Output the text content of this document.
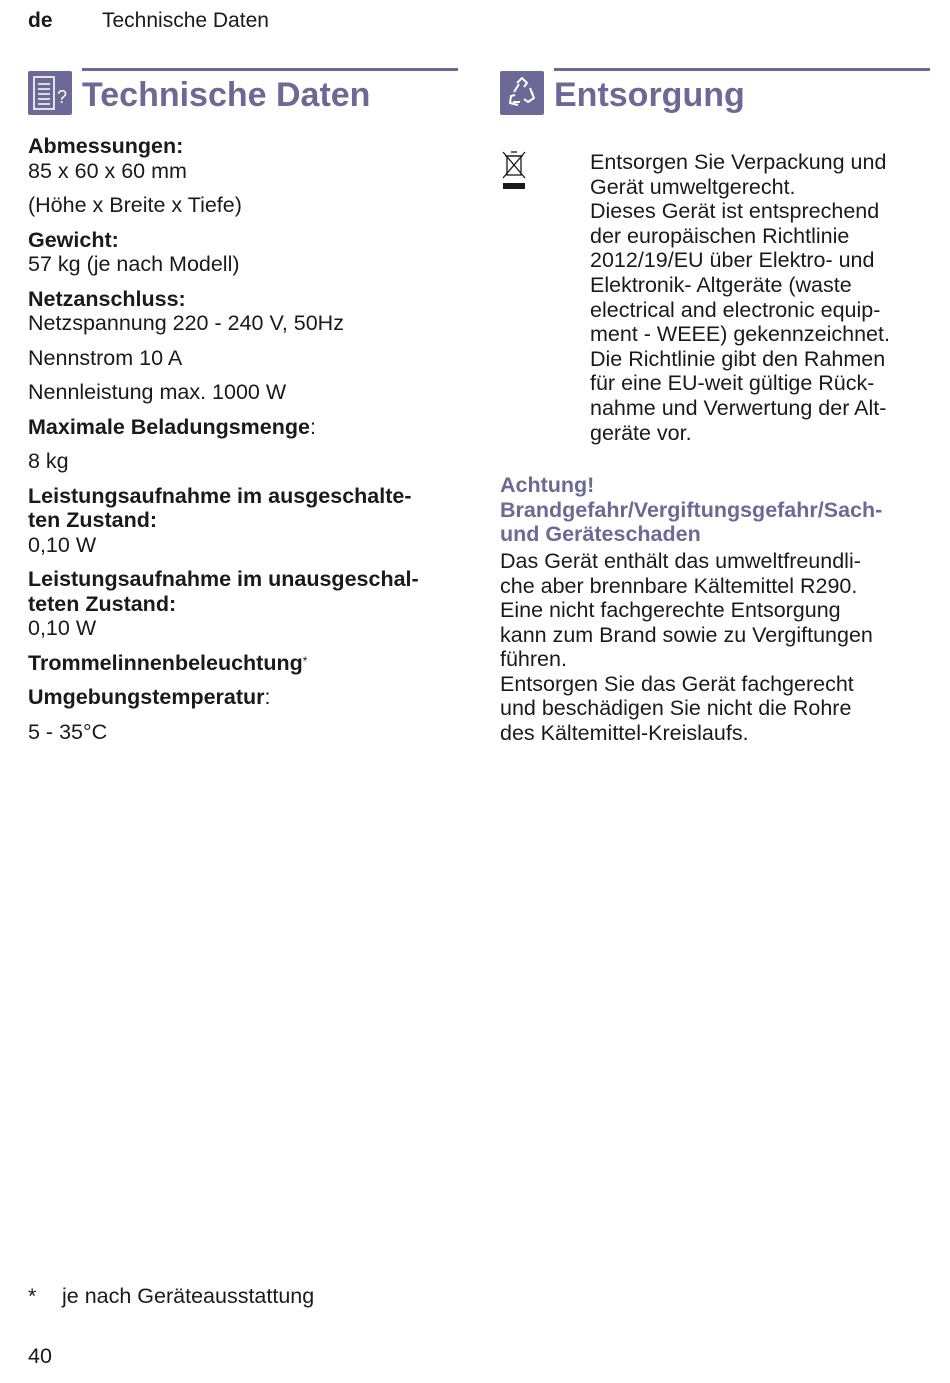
de Technische Daten
? Technische Daten
Abmessungen:
85 x 60 x 60 mm
(Höhe x Breite x Tiefe)
Gewicht:
57 kg (je nach Modell)
Netzanschluss:
Netzspannung 220 - 240 V, 50Hz
Nennstrom 10 A
Nennleistung max. 1000 W
Maximale Beladungsmenge:
8 kg
Leistungsaufnahme im ausgeschalte-
ten Zustand:
0,10 W
Leistungsaufnahme im unausgeschal-
teten Zustand:
0,10 W
Trommelinnenbeleuchtung*
Umgebungstemperatur:
5 - 35°C
Entsorgung
Entsorgen Sie Verpackung und
Gerät umweltgerecht.
Dieses Gerät ist entsprechend
der europäischen Richtlinie
2012/19/EU über Elektro- und
Elektronik- Altgeräte (waste
electrical and electronic equip-
ment - WEEE) gekennzeichnet.
Die Richtlinie gibt den Rahmen
für eine EU-weit gültige Rück-
nahme und Verwertung der Alt-
geräte vor.
Achtung!
Brandgefahr/Vergiftungsgefahr/Sach-
und Geräteschaden
Das Gerät enthält das umweltfreundli-
che aber brennbare Kältemittel R290.
Eine nicht fachgerechte Entsorgung
kann zum Brand sowie zu Vergiftungen
führen.
Entsorgen Sie das Gerät fachgerecht
und beschädigen Sie nicht die Rohre
des Kältemittel-Kreislaufs.
* je nach Geräteausstattung
40
